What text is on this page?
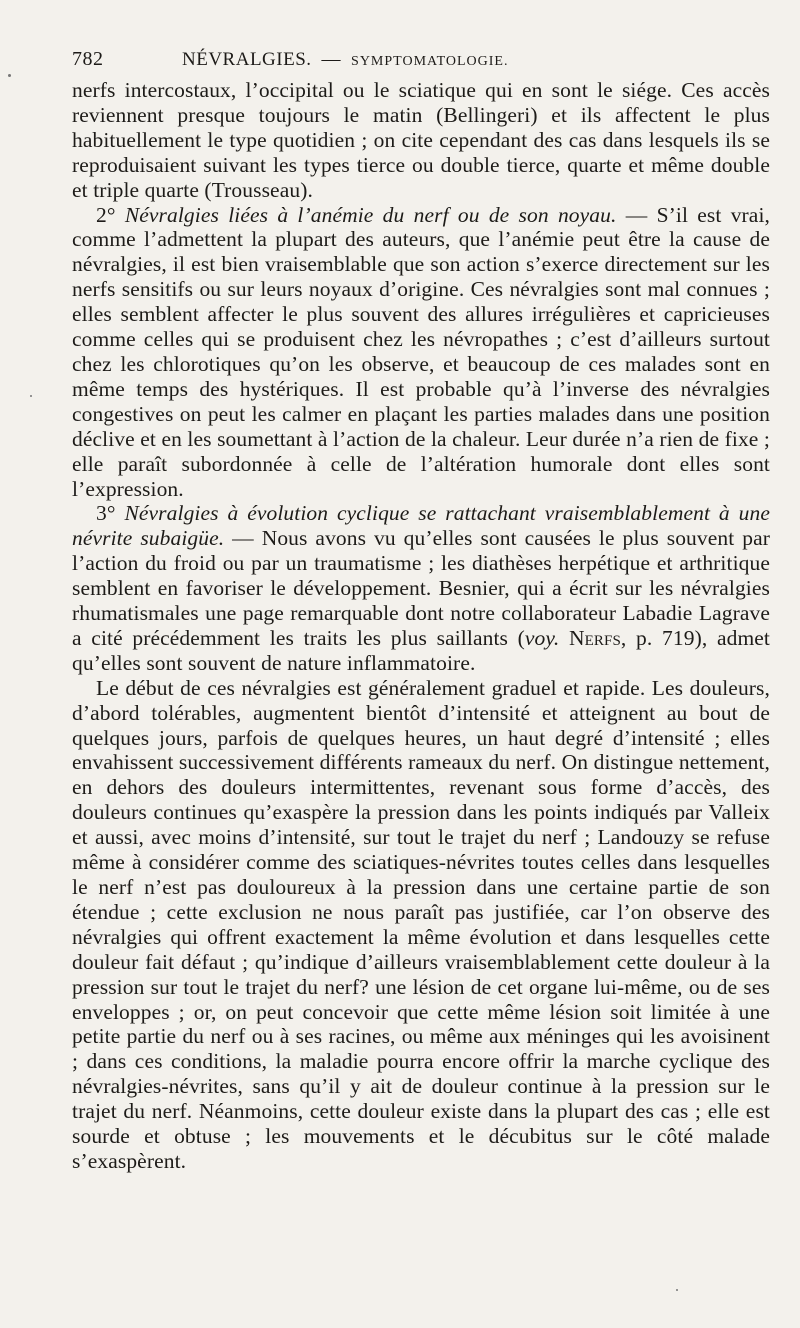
782	NÉVRALGIES. — SYMPTOMATOLOGIE.

nerfs intercostaux, l’occipital ou le sciatique qui en sont le siége. Ces accès reviennent presque toujours le matin (Bellingeri) et ils affectent le plus habituellement le type quotidien ; on cite cependant des cas dans lesquels ils se reproduisaient suivant les types tierce ou double tierce, quarte et même double et triple quarte (Trousseau).

2° Névralgies liées à l’anémie du nerf ou de son noyau. — S’il est vrai, comme l’admettent la plupart des auteurs, que l’anémie peut être la cause de névralgies, il est bien vraisemblable que son action s’exerce directement sur les nerfs sensitifs ou sur leurs noyaux d’origine. Ces névralgies sont mal connues ; elles semblent affecter le plus souvent des allures irrégulières et capricieuses comme celles qui se produisent chez les névropathes ; c’est d’ailleurs surtout chez les chlorotiques qu’on les observe, et beaucoup de ces malades sont en même temps des hystériques. Il est probable qu’à l’inverse des névralgies congestives on peut les calmer en plaçant les parties malades dans une position déclive et en les soumettant à l’action de la chaleur. Leur durée n’a rien de fixe ; elle paraît subordonnée à celle de l’altération humorale dont elles sont l’expression.

3° Névralgies à évolution cyclique se rattachant vraisemblablement à une névrite subaigüe. — Nous avons vu qu’elles sont causées le plus souvent par l’action du froid ou par un traumatisme ; les diathèses herpétique et arthritique semblent en favoriser le développement. Besnier, qui a écrit sur les névralgies rhumatismales une page remarquable dont notre collaborateur Labadie Lagrave a cité précédemment les traits les plus saillants (voy. Nerfs, p. 719), admet qu’elles sont souvent de nature inflammatoire.

Le début de ces névralgies est généralement graduel et rapide. Les douleurs, d’abord tolérables, augmentent bientôt d’intensité et atteignent au bout de quelques jours, parfois de quelques heures, un haut degré d’intensité ; elles envahissent successivement différents rameaux du nerf. On distingue nettement, en dehors des douleurs intermittentes, revenant sous forme d’accès, des douleurs continues qu’exaspère la pression dans les points indiqués par Valleix et aussi, avec moins d’intensité, sur tout le trajet du nerf ; Landouzy se refuse même à considérer comme des sciatiques-névrites toutes celles dans lesquelles le nerf n’est pas douloureux à la pression dans une certaine partie de son étendue ; cette exclusion ne nous paraît pas justifiée, car l’on observe des névralgies qui offrent exactement la même évolution et dans lesquelles cette douleur fait défaut ; qu’indique d’ailleurs vraisemblablement cette douleur à la pression sur tout le trajet du nerf? une lésion de cet organe lui-même, ou de ses enveloppes ; or, on peut concevoir que cette même lésion soit limitée à une petite partie du nerf ou à ses racines, ou même aux méninges qui les avoisinent ; dans ces conditions, la maladie pourra encore offrir la marche cyclique des névralgies-névrites, sans qu’il y ait de douleur continue à la pression sur le trajet du nerf. Néanmoins, cette douleur existe dans la plupart des cas ; elle est sourde et obtuse ; les mouvements et le décubitus sur le côté malade s’exaspèrent.
